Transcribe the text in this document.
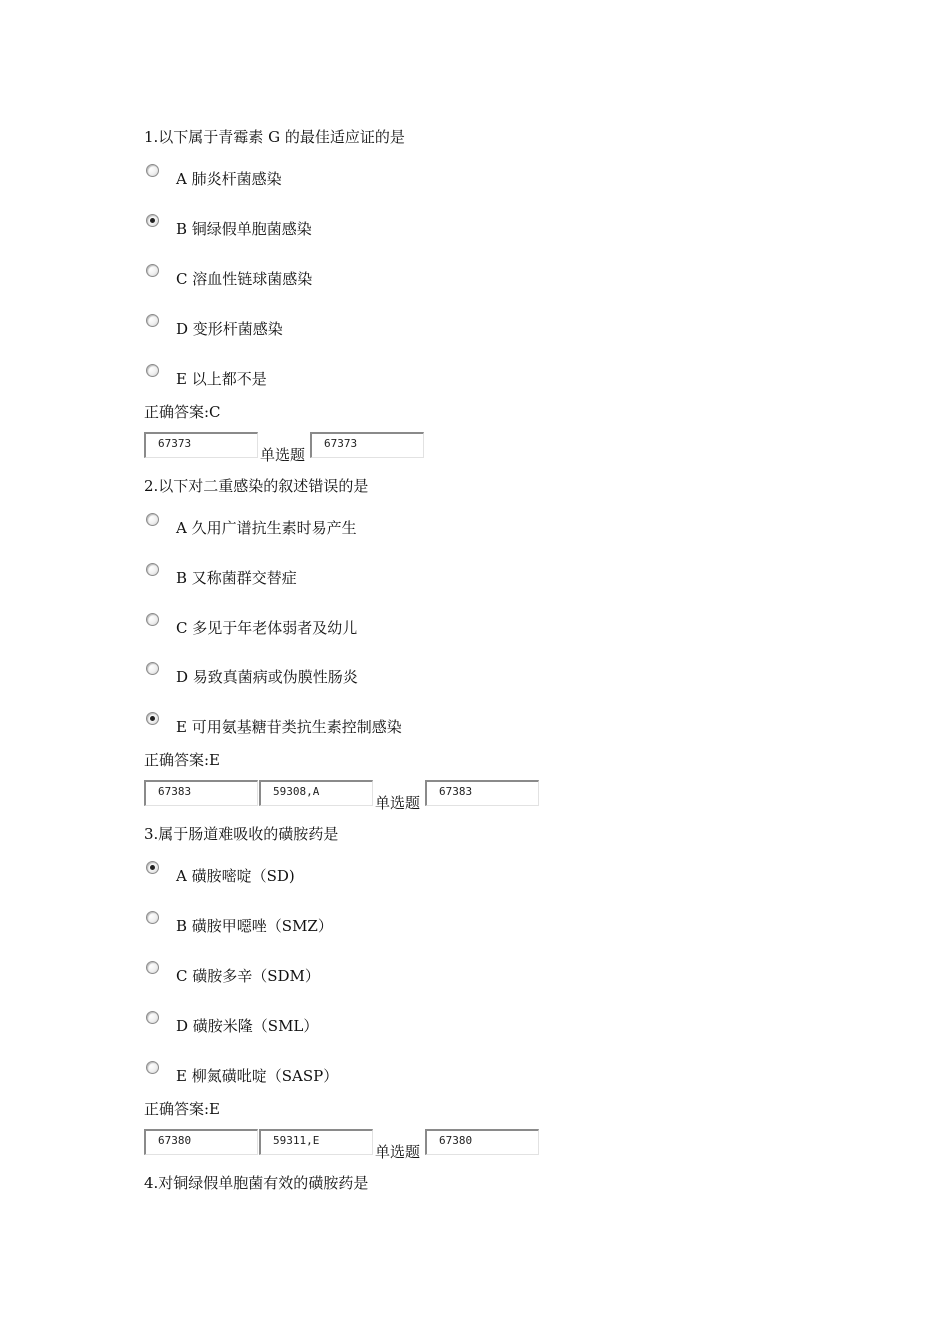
1.以下属于青霉素 G 的最佳适应证的是
A 肺炎杆菌感染
B 铜绿假单胞菌感染
C 溶血性链球菌感染
D 变形杆菌感染
E 以上都不是
正确答案:C
67373
单选题
67373
2.以下对二重感染的叙述错误的是
A 久用广谱抗生素时易产生
B 又称菌群交替症
C 多见于年老体弱者及幼儿
D 易致真菌病或伪膜性肠炎
E 可用氨基糖苷类抗生素控制感染
正确答案:E
67383	59308,A
单选题
67383
3.属于肠道难吸收的磺胺药是
A 磺胺嘧啶（SD)
B 磺胺甲噁唑（SMZ）
C 磺胺多辛（SDM）
D 磺胺米隆（SML）
E 柳氮磺吡啶（SASP）
正确答案:E
67380	59311,E
单选题
67380
4.对铜绿假单胞菌有效的磺胺药是
